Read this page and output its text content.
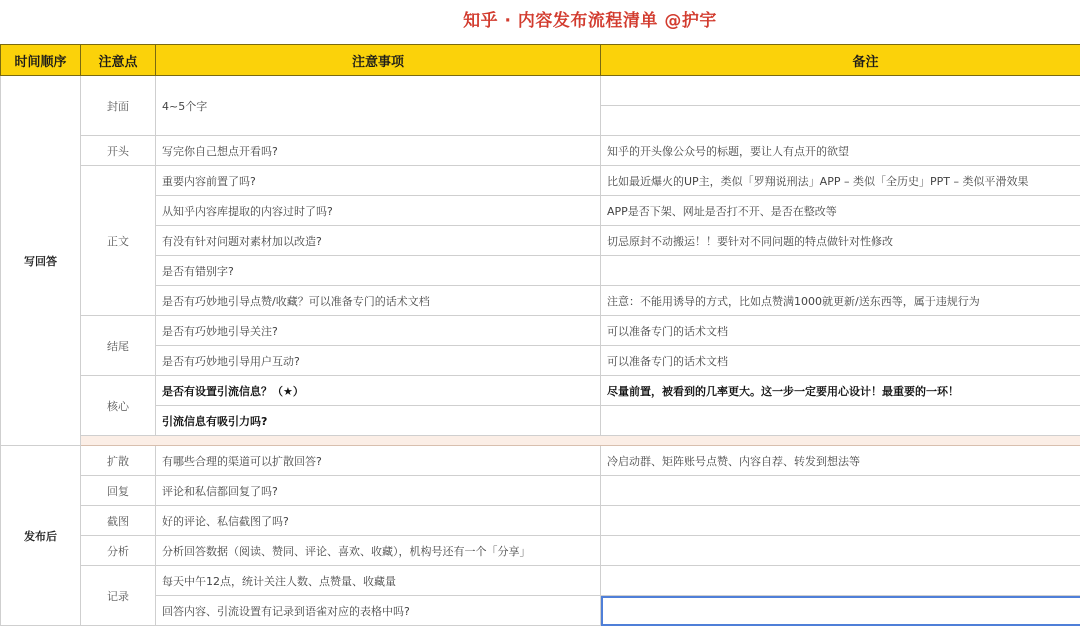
知乎 · 内容发布流程清单 @护宇
时间顺序	注意点	注意事项	备注
写回答	封面	4~5个字	

	开头	写完你自己想点开看吗?	知乎的开头像公众号的标题，要让人有点开的欲望
	正文	重要内容前置了吗?	比如最近爆火的UP主，类似「罗翔说刑法」APP – 类似「全历史」PPT – 类似平滑效果
		从知乎内容库提取的内容过时了吗?	APP是否下架、网址是否打不开、是否在整改等
		有没有针对问题对素材加以改造?	切忌原封不动搬运！！要针对不同问题的特点做针对性修改
		是否有错别字?	
		是否有巧妙地引导点赞/收藏？可以准备专门的话术文档	注意：不能用诱导的方式，比如点赞满1000就更新/送东西等，属于违规行为
	结尾	是否有巧妙地引导关注?	可以准备专门的话术文档
		是否有巧妙地引导用户互动?	可以准备专门的话术文档
	核心	是否有设置引流信息？（★）	尽量前置，被看到的几率更大。这一步一定要用心设计！最重要的一环！
		引流信息有吸引力吗?	

发布后	扩散	有哪些合理的渠道可以扩散回答?	冷启动群、矩阵账号点赞、内容自荐、转发到想法等
	回复	评论和私信都回复了吗?	
	截图	好的评论、私信截图了吗?	
	分析	分析回答数据（阅读、赞同、评论、喜欢、收藏），机构号还有一个「分享」	
	记录	每天中午12点，统计关注人数、点赞量、收藏量	
		回答内容、引流设置有记录到语雀对应的表格中吗?	
